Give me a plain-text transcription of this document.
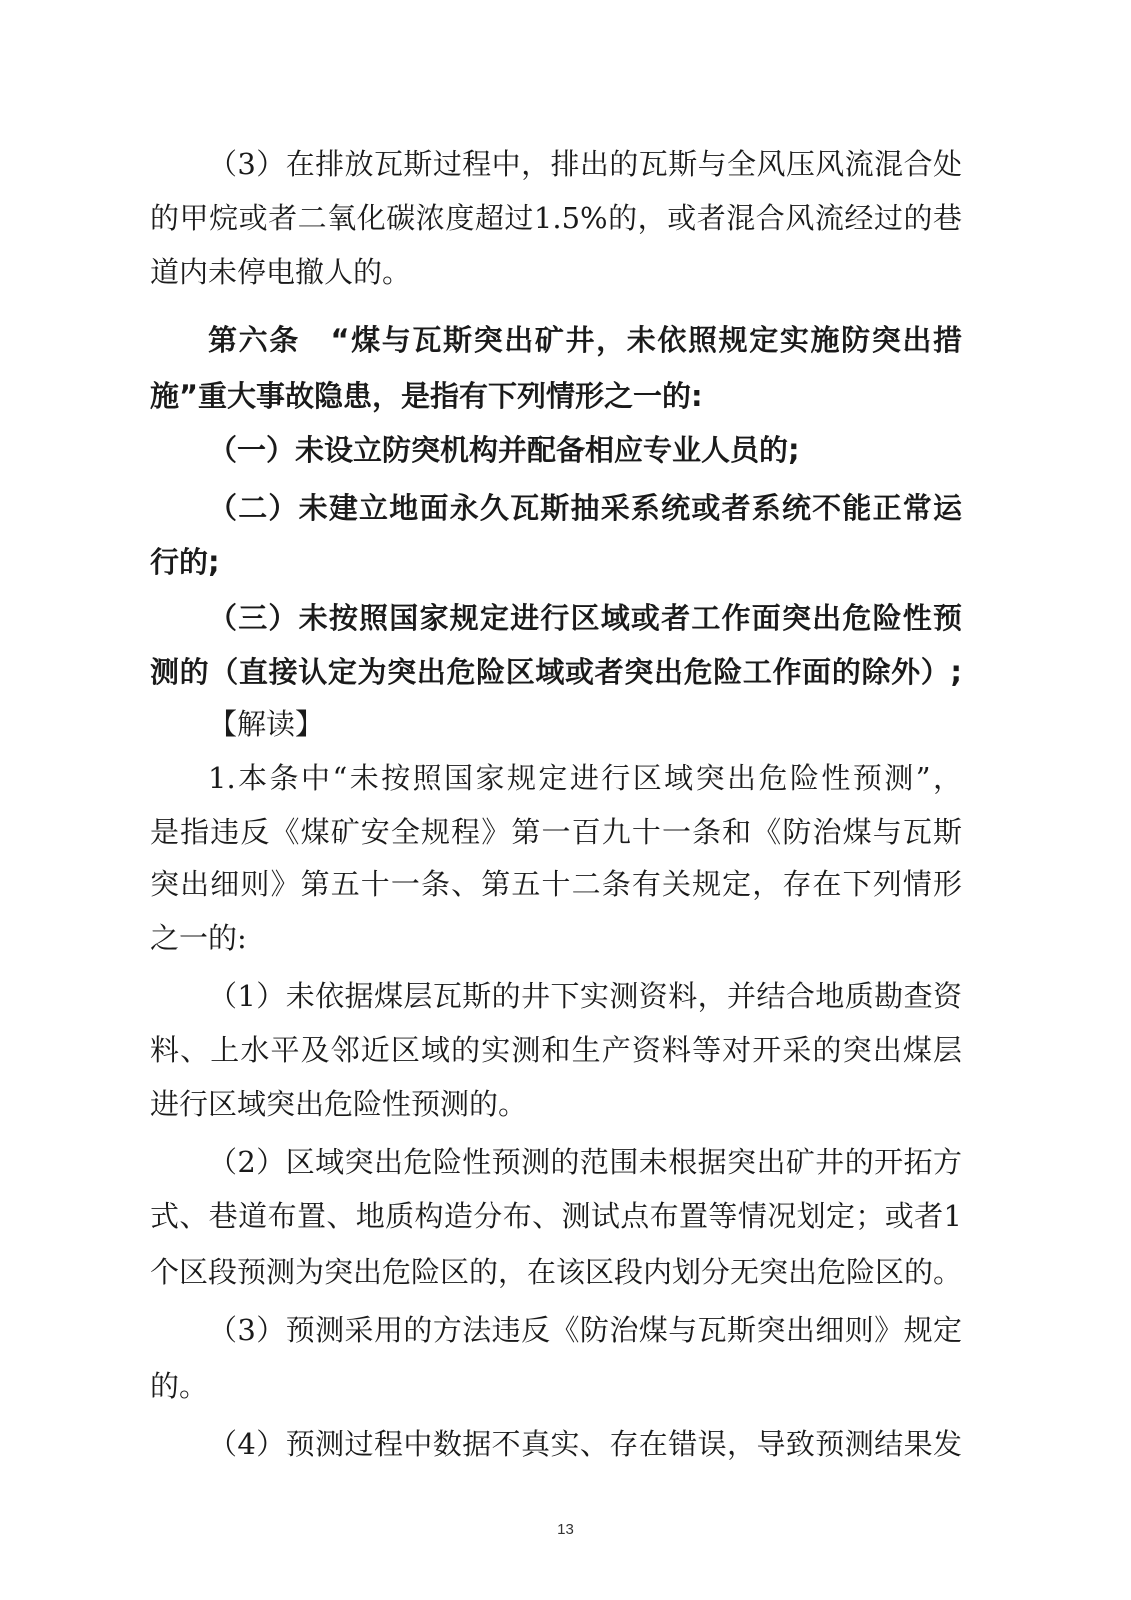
（3）在排放瓦斯过程中，排出的瓦斯与全风压风流混合处
的甲烷或者二氧化碳浓度超过1.5%的，或者混合风流经过的巷
道内未停电撤人的。
第六条　“煤与瓦斯突出矿井，未依照规定实施防突出措
施”重大事故隐患，是指有下列情形之一的:
（一）未设立防突机构并配备相应专业人员的;
（二）未建立地面永久瓦斯抽采系统或者系统不能正常运
行的;
（三）未按照国家规定进行区域或者工作面突出危险性预
测的（直接认定为突出危险区域或者突出危险工作面的除外）;
【解读】
1.本条中“未按照国家规定进行区域突出危险性预测”，
是指违反《煤矿安全规程》第一百九十一条和《防治煤与瓦斯
突出细则》第五十一条、第五十二条有关规定，存在下列情形
之一的:
（1）未依据煤层瓦斯的井下实测资料，并结合地质勘查资
料、上水平及邻近区域的实测和生产资料等对开采的突出煤层
进行区域突出危险性预测的。
（2）区域突出危险性预测的范围未根据突出矿井的开拓方
式、巷道布置、地质构造分布、测试点布置等情况划定；或者1
个区段预测为突出危险区的，在该区段内划分无突出危险区的。
（3）预测采用的方法违反《防治煤与瓦斯突出细则》规定
的。
（4）预测过程中数据不真实、存在错误，导致预测结果发
13
